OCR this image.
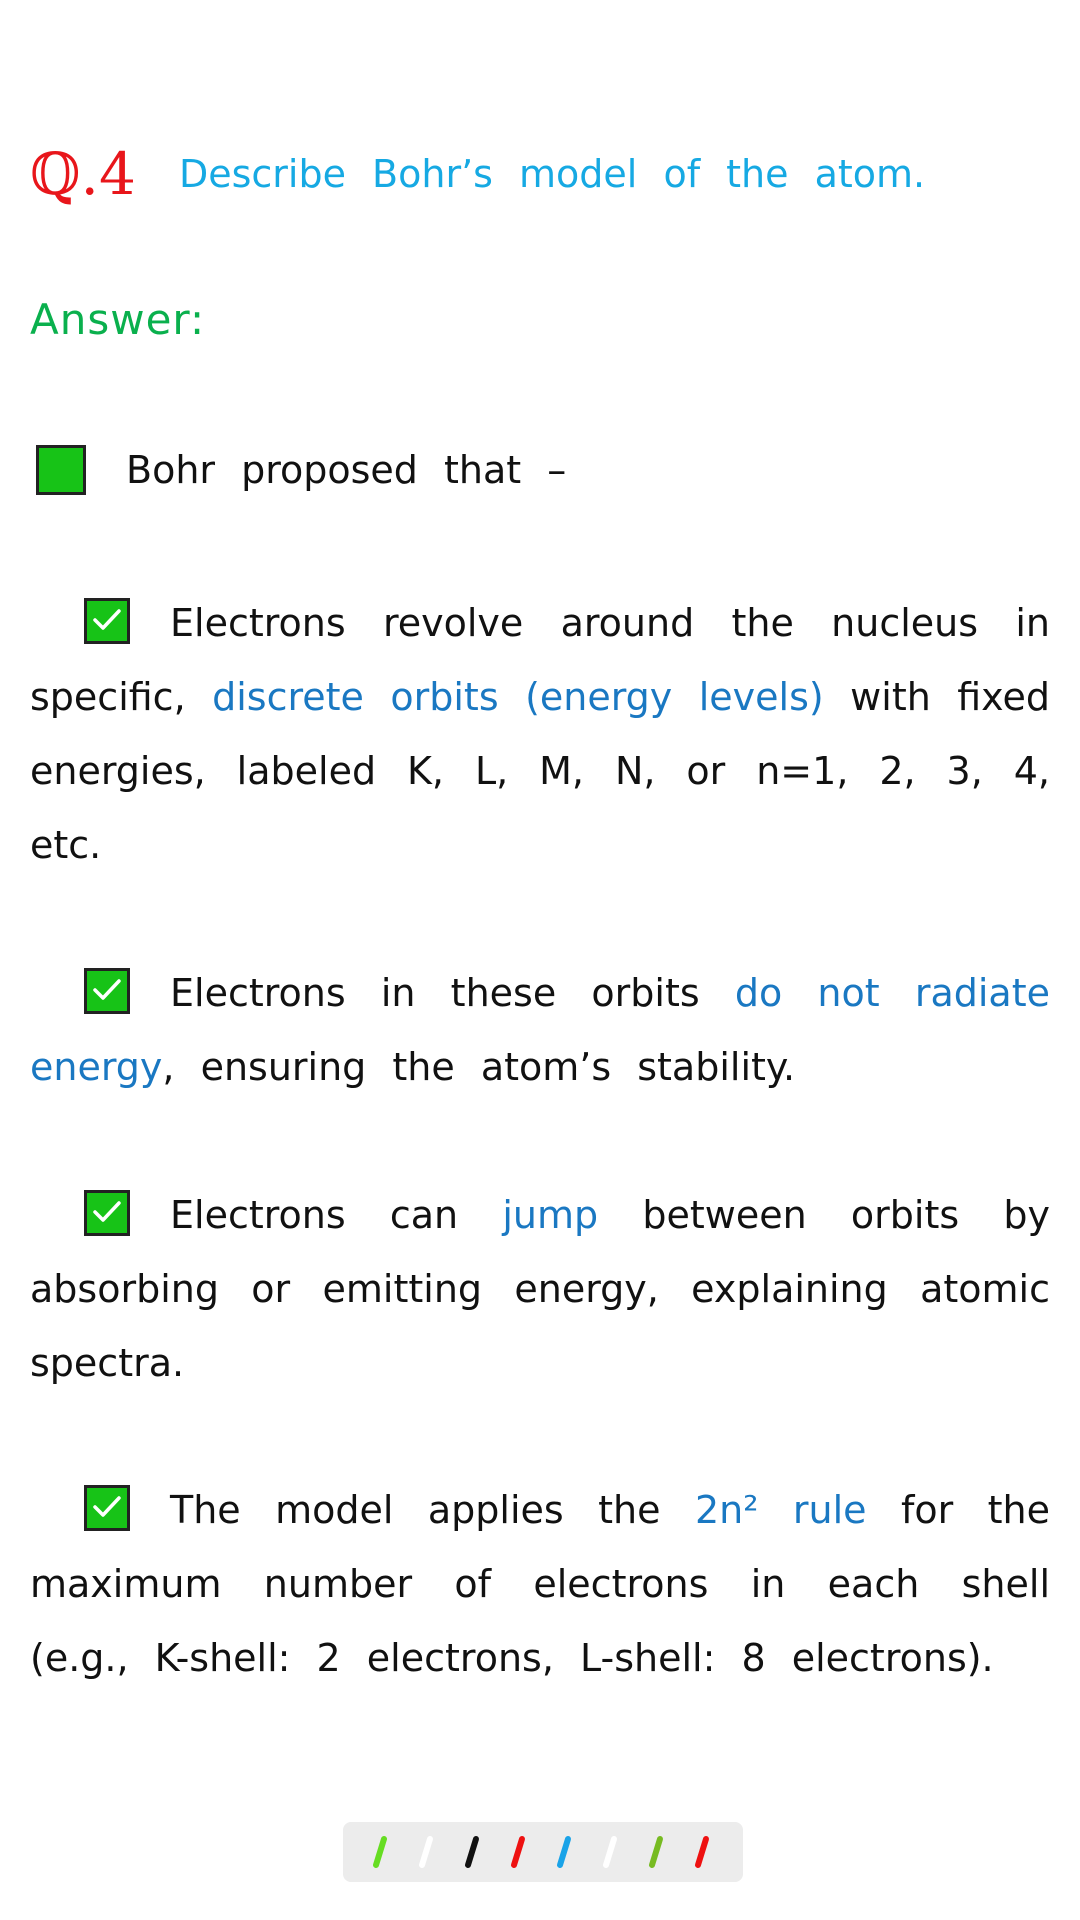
ℚ.4 Describe Bohr’s model of the atom.
Answer:
Bohr proposed that –
Electrons revolve around the nucleus in specific, discrete orbits (energy levels) with fixed energies, labeled K, L, M, N, or n=1, 2, 3, 4, etc.
Electrons in these orbits do not radiate energy, ensuring the atom’s stability.
Electrons can jump between orbits by absorbing or emitting energy, explaining atomic spectra.
The model applies the 2n² rule for the maximum number of electrons in each shell (e.g., K-shell: 2 electrons, L-shell: 8 electrons).
